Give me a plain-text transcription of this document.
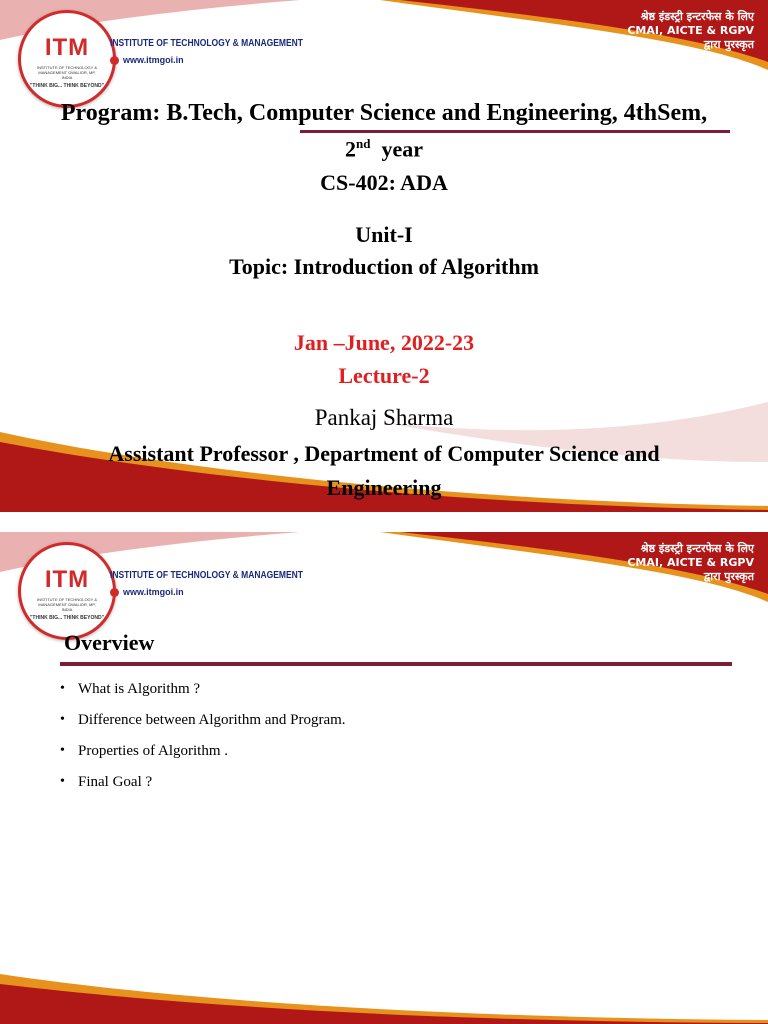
ITM
INSTITUTE OF TECHNOLOGY & MANAGEMENT GWALIOR, MP, INDIA
"THINK BIG... THINK BEYOND"
INSTITUTE OF TECHNOLOGY & MANAGEMENT
www.itmgoi.in
श्रेष्ठ इंडस्ट्री इन्टरफेस के लिए
CMAI, AICTE & RGPV
द्वारा पुरस्कृत
Program: B.Tech, Computer Science and Engineering, 4thSem,
2nd year
CS-402: ADA
Unit-I
Topic: Introduction of Algorithm
Jan –June, 2022-23
Lecture-2
Pankaj Sharma
Assistant Professor , Department of Computer Science and
Engineering
ITM
INSTITUTE OF TECHNOLOGY & MANAGEMENT GWALIOR, MP, INDIA
"THINK BIG... THINK BEYOND"
INSTITUTE OF TECHNOLOGY & MANAGEMENT
www.itmgoi.in
श्रेष्ठ इंडस्ट्री इन्टरफेस के लिए
CMAI, AICTE & RGPV
द्वारा पुरस्कृत
Overview
• What is Algorithm ?
• Difference between Algorithm and Program.
• Properties of Algorithm .
• Final Goal ?
